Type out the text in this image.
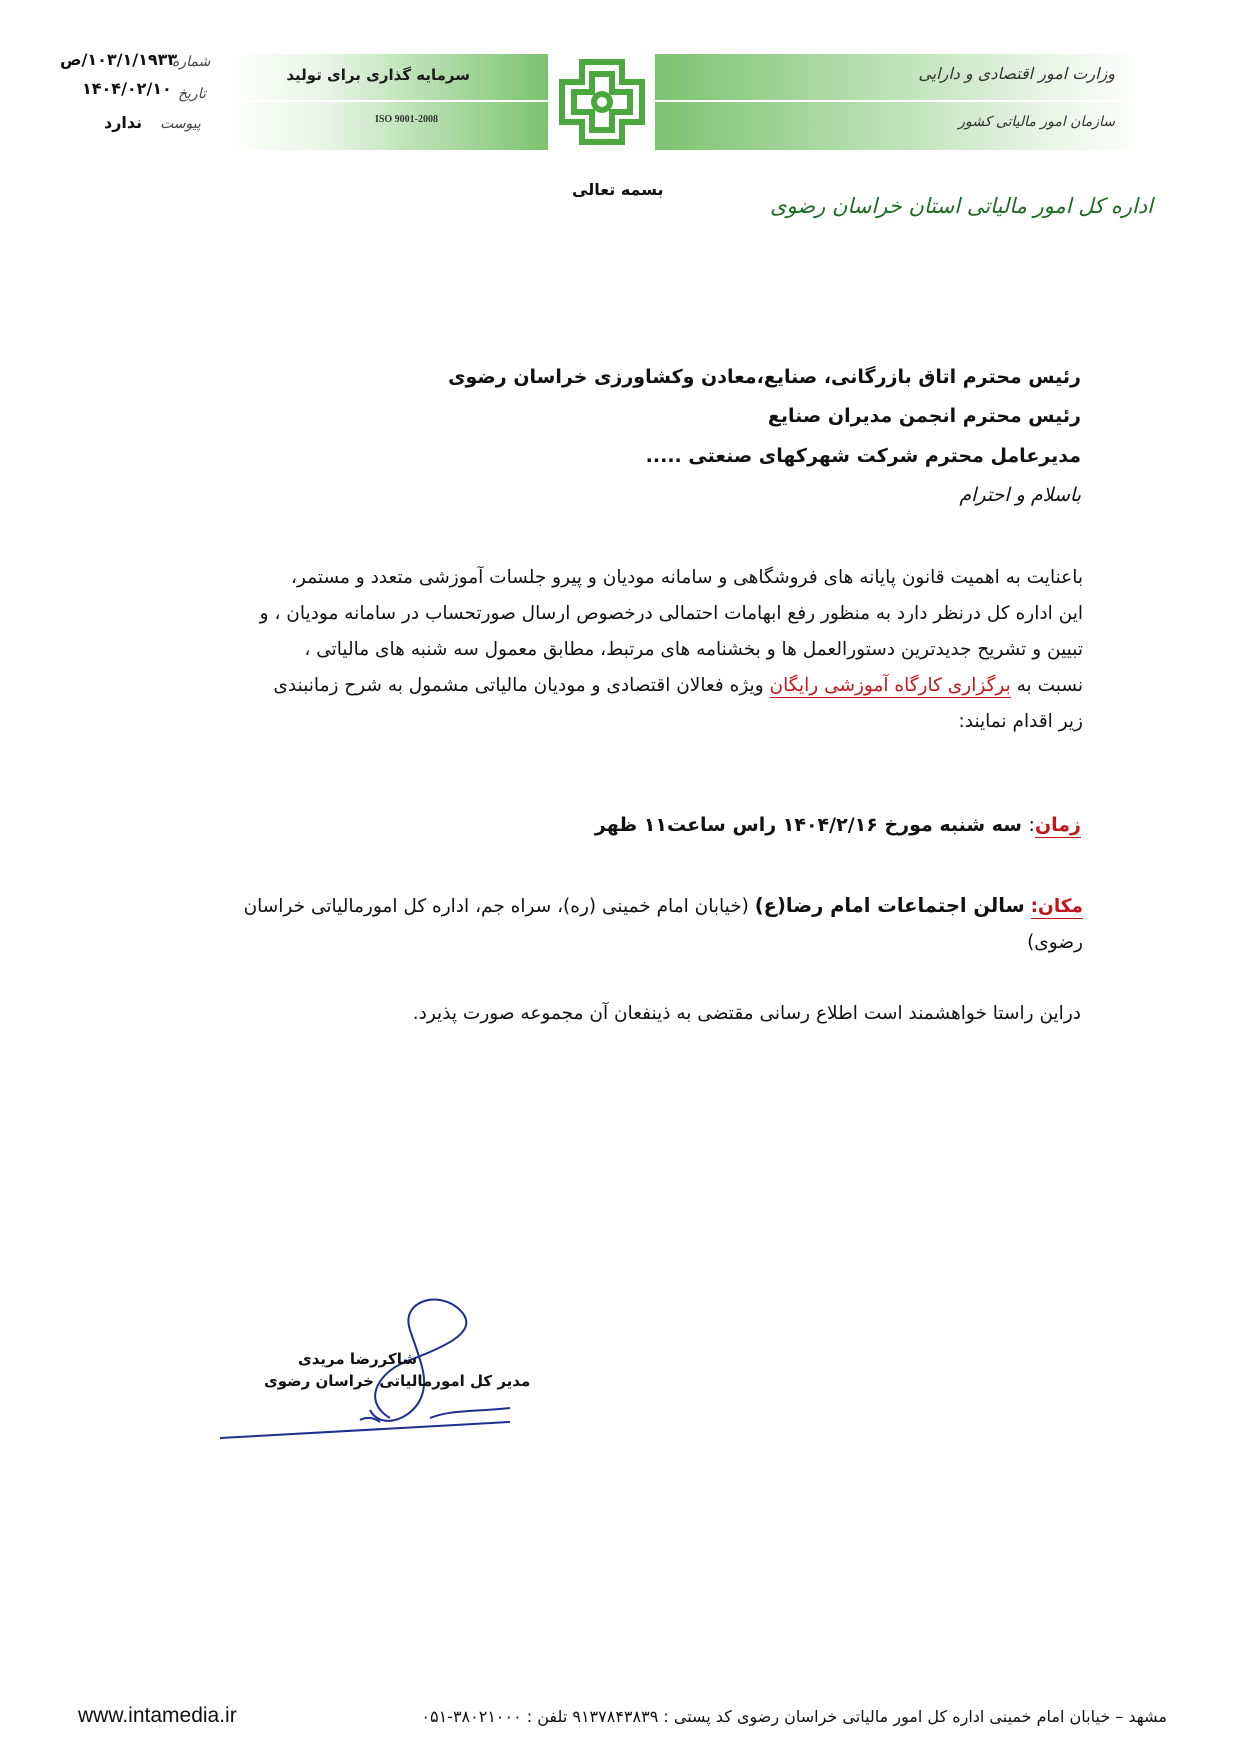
۱۰۳/۱/۱۹۳۳/ص
شماره
۱۴۰۴/۰۲/۱۰ تاریخ
ندارد پیوست
سرمایه گذاری برای تولید
ISO 9001-2008
وزارت امور اقتصادی و دارایی
سازمان امور مالیاتی کشور
بسمه تعالی
اداره کل امور مالیاتی استان خراسان رضوی
رئیس محترم اتاق بازرگانی، صنایع،معادن وکشاورزی خراسان رضوی
رئیس محترم انجمن مدیران صنایع
مدیرعامل محترم شرکت شهرکهای صنعتی .....
باسلام و احترام

باعنایت به اهمیت قانون پایانه های فروشگاهی و سامانه مودیان و پیرو جلسات آموزشی متعدد و مستمر،

این اداره کل درنظر دارد به منظور رفع ابهامات احتمالی درخصوص ارسال صورتحساب در سامانه مودیان ، و

تبیین و تشریح جدیدترین دستورالعمل ها و بخشنامه های مرتبط، مطابق معمول سه شنبه های مالیاتی ،

نسبت به برگزاری کارگاه آموزشی رایگان ویژه فعالان اقتصادی و مودیان مالیاتی مشمول به شرح زمانبندی

زیر اقدام نمایند:

زمان: سه شنبه مورخ ۱۴۰۴/۲/۱۶ راس ساعت۱۱ ظهر

مکان: سالن اجتماعات امام رضا(ع) (خیابان امام خمینی (ره)، سراه جم، اداره کل امورمالیاتی خراسان

رضوی)

دراین راستا خواهشمند است اطلاع رسانی مقتضی به ذینفعان آن مجموعه صورت پذیرد.
شاکررضا مریدی
مدیر کل امورمالیاتی خراسان رضوی
مشهد – خیابان امام خمینی اداره کل امور مالیاتی خراسان رضوی کد پستی : ۹۱۳۷۸۴۳۸۳۹ تلفن : ۳۸۰۲۱۰۰۰-۰۵۱
www.intamedia.ir
